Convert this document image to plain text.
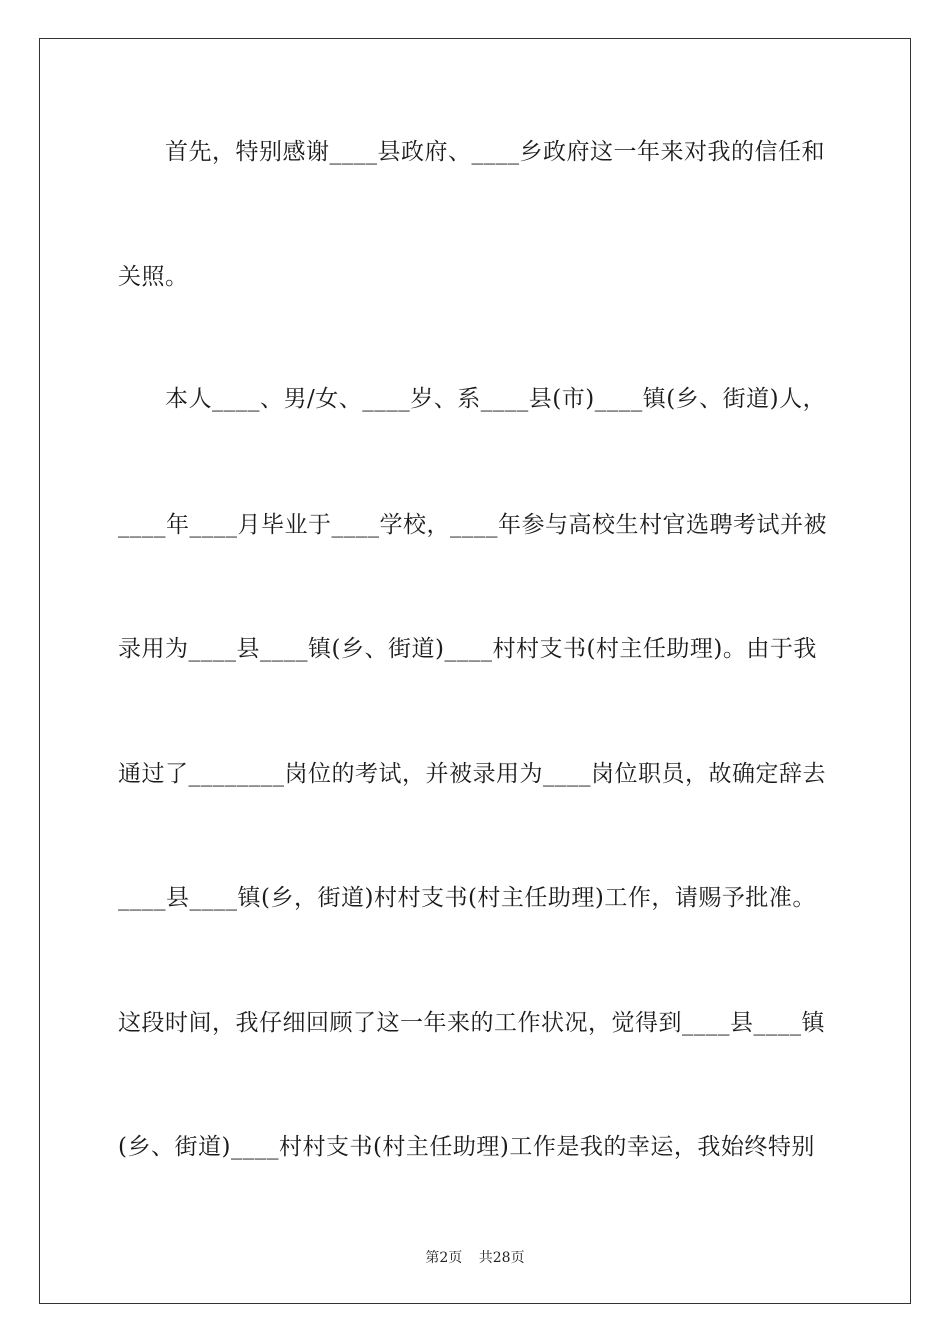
首先，特别感谢____县政府、____乡政府这一年来对我的信任和
关照。
本人____、男/女、____岁、系____县(市)____镇(乡、街道)人，
____年____月毕业于____学校，____年参与高校生村官选聘考试并被
录用为____县____镇(乡、街道)____村村支书(村主任助理)。由于我
通过了________岗位的考试，并被录用为____岗位职员，故确定辞去
____县____镇(乡，街道)村村支书(村主任助理)工作，请赐予批准。
这段时间，我仔细回顾了这一年来的工作状况，觉得到____县____镇
(乡、街道)____村村支书(村主任助理)工作是我的幸运，我始终特别
第2页 共28页
